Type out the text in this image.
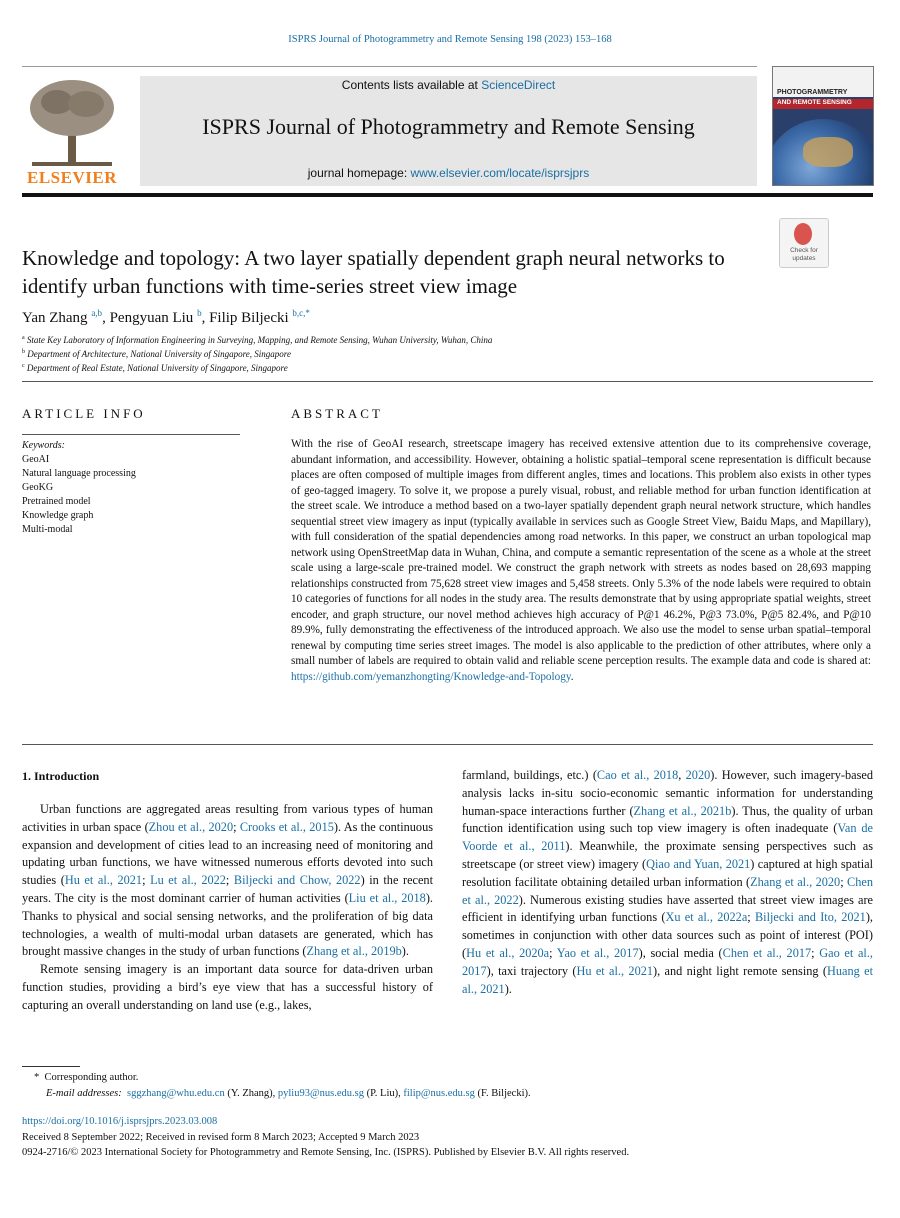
ISPRS Journal of Photogrammetry and Remote Sensing 198 (2023) 153–168
ELSEVIER
Contents lists available at ScienceDirect
ISPRS Journal of Photogrammetry and Remote Sensing
journal homepage: www.elsevier.com/locate/isprsjprs
PHOTOGRAMMETRY
AND REMOTE SENSING
Knowledge and topology: A two layer spatially dependent graph neural networks to identify urban functions with time-series street view image
Check for updates
Yan Zhang $^{a,b}$, Pengyuan Liu $^b$, Filip Biljecki $^{b,c,*}$
$^a$ State Key Laboratory of Information Engineering in Surveying, Mapping, and Remote Sensing, Wuhan University, Wuhan, China
$^b$ Department of Architecture, National University of Singapore, Singapore
$^c$ Department of Real Estate, National University of Singapore, Singapore
ARTICLE INFO
Keywords:
GeoAI
Natural language processing
GeoKG
Pretrained model
Knowledge graph
Multi-modal
ABSTRACT
With the rise of GeoAI research, streetscape imagery has received extensive attention due to its comprehensive coverage, abundant information, and accessibility. However, obtaining a holistic spatial–temporal scene representation is difficult because places are often composed of multiple images from different angles, times and locations. This problem also exists in other types of geo-tagged imagery. To solve it, we propose a purely visual, robust, and reliable method for urban function identification at the street scale. We introduce a method based on a two-layer spatially dependent graph neural network structure, which handles sequential street view imagery as input (typically available in services such as Google Street View, Baidu Maps, and Mapillary), with full consideration of the spatial dependencies among road networks. In this paper, we construct an urban topological map network using OpenStreetMap data in Wuhan, China, and compute a semantic representation of the scene as a whole at the street scale using a large-scale pre-trained model. We construct the graph network with streets as nodes based on 28,693 mapping relationships constructed from 75,628 street view images and 5,458 streets. Only 5.3% of the node labels were required to obtain 10 categories of functions for all nodes in the study area. The results demonstrate that by using appropriate spatial weights, street encoder, and graph structure, our novel method achieves high accuracy of P@1 46.2%, P@3 73.0%, P@5 82.4%, and P@10 89.9%, fully demonstrating the effectiveness of the introduced approach. We also use the model to sense urban spatial–temporal renewal by computing time series street images. The model is also applicable to the prediction of other attributes, where only a small number of labels are required to obtain valid and reliable scene perception results. The example data and code is shared at: https://github.com/yemanzhongting/Knowledge-and-Topology.
1. Introduction

Urban functions are aggregated areas resulting from various types of human activities in urban space (Zhou et al., 2020; Crooks et al., 2015). As the continuous expansion and development of cities lead to an increasing need of monitoring and updating urban functions, we have witnessed numerous efforts devoted into such studies (Hu et al., 2021; Lu et al., 2022; Biljecki and Chow, 2022) in the recent years. The city is the most dominant carrier of human activities (Liu et al., 2018). Thanks to physical and social sensing networks, and the proliferation of big data technologies, a wealth of multi-modal urban datasets are generated, which has brought massive changes in the study of urban functions (Zhang et al., 2019b).

Remote sensing imagery is an important data source for data-driven urban function studies, providing a bird’s eye view that has a successful history of capturing an overall understanding on land use (e.g., lakes,

farmland, buildings, etc.) (Cao et al., 2018, 2020). However, such imagery-based analysis lacks in-situ socio-economic semantic information for understanding human-space interactions further (Zhang et al., 2021b). Thus, the quality of urban function identification using such top view imagery is often inadequate (Van de Voorde et al., 2011). Meanwhile, the proximate sensing perspectives such as streetscape (or street view) imagery (Qiao and Yuan, 2021) captured at high spatial resolution facilitate obtaining detailed urban information (Zhang et al., 2020; Chen et al., 2022). Numerous existing studies have asserted that street view images are efficient in identifying urban functions (Xu et al., 2022a; Biljecki and Ito, 2021), sometimes in conjunction with other data sources such as point of interest (POI) (Hu et al., 2020a; Yao et al., 2017), social media (Chen et al., 2017; Gao et al., 2017), taxi trajectory (Hu et al., 2021), and night light remote sensing (Huang et al., 2021).

* Corresponding author.
E-mail addresses: sggzhang@whu.edu.cn (Y. Zhang), pyliu93@nus.edu.sg (P. Liu), filip@nus.edu.sg (F. Biljecki).
https://doi.org/10.1016/j.isprsjprs.2023.03.008
Received 8 September 2022; Received in revised form 8 March 2023; Accepted 9 March 2023
0924-2716/© 2023 International Society for Photogrammetry and Remote Sensing, Inc. (ISPRS). Published by Elsevier B.V. All rights reserved.
